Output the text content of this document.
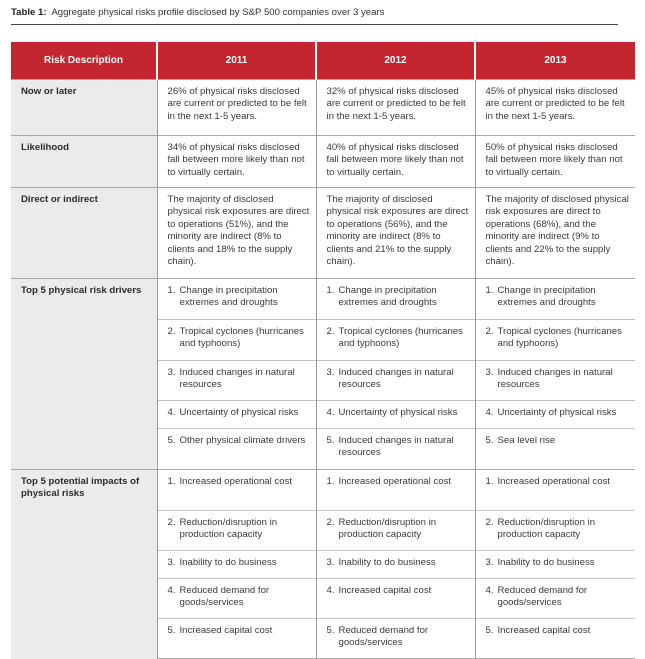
Table 1: Aggregate physical risks profile disclosed by S&P 500 companies over 3 years
Risk Description	2011	2012	2013
Now or later	26% of physical risks disclosed are current or predicted to be felt in the next 1-5 years.	32% of physical risks disclosed are current or predicted to be felt in the next 1-5 years.	45% of physical risks disclosed are current or predicted to be felt in the next 1-5 years.
Likelihood	34% of physical risks disclosed fall between more likely than not to virtually certain.	40% of physical risks disclosed fall between more likely than not to virtually certain.	50% of physical risks disclosed fall between more likely than not to virtually certain.
Direct or indirect	The majority of disclosed physical risk exposures are direct to operations (51%), and the minority are indirect (8% to clients and 18% to the supply chain).	The majority of disclosed physical risk exposures are direct to operations (56%), and the minority are indirect (8% to clients and 21% to the supply chain).	The majority of disclosed physical risk exposures are direct to operations (68%), and the minority are indirect (9% to clients and 22% to the supply chain).
Top 5 physical risk drivers	1. Change in precipitation extremes and droughts	1. Change in precipitation extremes and droughts	1. Change in precipitation extremes and droughts

	2. Tropical cyclones (hurricanes and typhoons)	2. Tropical cyclones (hurricanes and typhoons)	2. Tropical cyclones (hurricanes and typhoons)

	3. Induced changes in natural resources	3. Induced changes in natural resources	3. Induced changes in natural resources

	4. Uncertainty of physical risks	4. Uncertainty of physical risks	4. Uncertainty of physical risks

	5. Other physical climate drivers	5. Induced changes in natural resources	5. Sea level rise

Top 5 potential impacts of physical risks	1. Increased operational cost	1. Increased operational cost	1. Increased operational cost

	2. Reduction/disruption in production capacity	2. Reduction/disruption in production capacity	2. Reduction/disruption in production capacity

	3. Inability to do business	3. Inability to do business	3. Inability to do business

	4. Reduced demand for goods/services	4. Increased capital cost	4. Reduced demand for goods/services

	5. Increased capital cost	5. Reduced demand for goods/services	5. Increased capital cost
